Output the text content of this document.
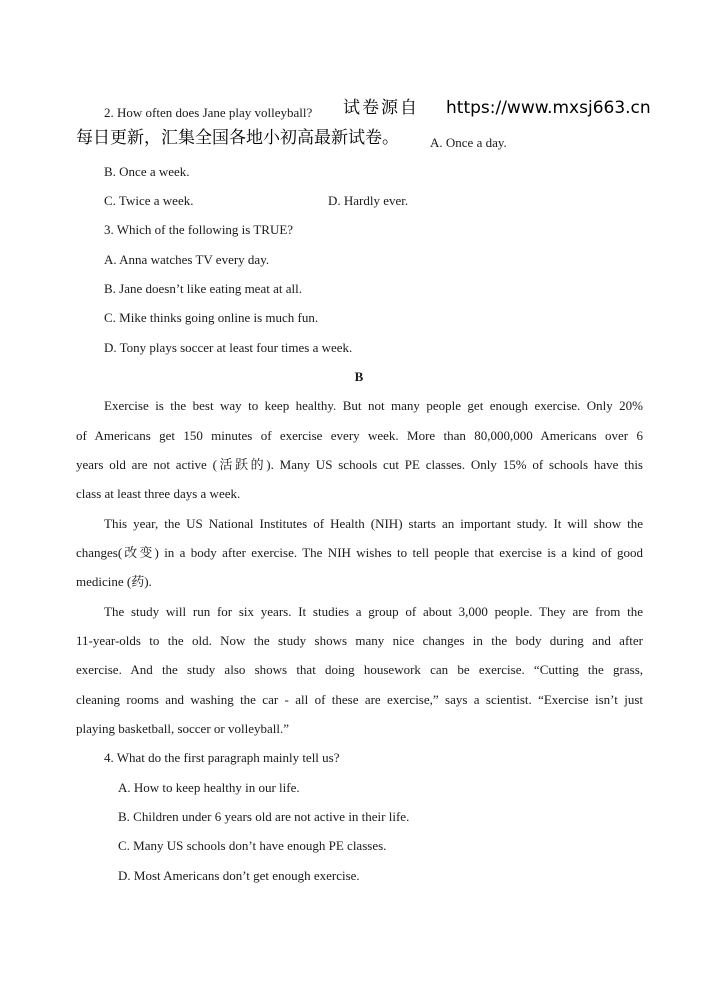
2. How often does Jane play volleyball? 试卷源自 https://www.mxsj663.cn
每日更新，汇集全国各地小初高最新试卷。 A. Once a day.
B. Once a week.
C. Twice a week.	D. Hardly ever.
3. Which of the following is TRUE?
A. Anna watches TV every day.
B. Jane doesn’t like eating meat at all.
C. Mike thinks going online is much fun.
D. Tony plays soccer at least four times a week.
B
Exercise is the best way to keep healthy. But not many people get enough exercise. Only 20%
of Americans get 150 minutes of exercise every week. More than 80,000,000 Americans over 6
years old are not active (活跃的). Many US schools cut PE classes. Only 15% of schools have this
class at least three days a week.
This year, the US National Institutes of Health (NIH) starts an important study. It will show the
changes(改变) in a body after exercise. The NIH wishes to tell people that exercise is a kind of good
medicine (药).
The study will run for six years. It studies a group of about 3,000 people. They are from the
11-year-olds to the old. Now the study shows many nice changes in the body during and after
exercise. And the study also shows that doing housework can be exercise. “Cutting the grass,
cleaning rooms and washing the car - all of these are exercise,” says a scientist. “Exercise isn’t just
playing basketball, soccer or volleyball.”
4. What do the first paragraph mainly tell us?
A. How to keep healthy in our life.
B. Children under 6 years old are not active in their life.
C. Many US schools don’t have enough PE classes.
D. Most Americans don’t get enough exercise.
